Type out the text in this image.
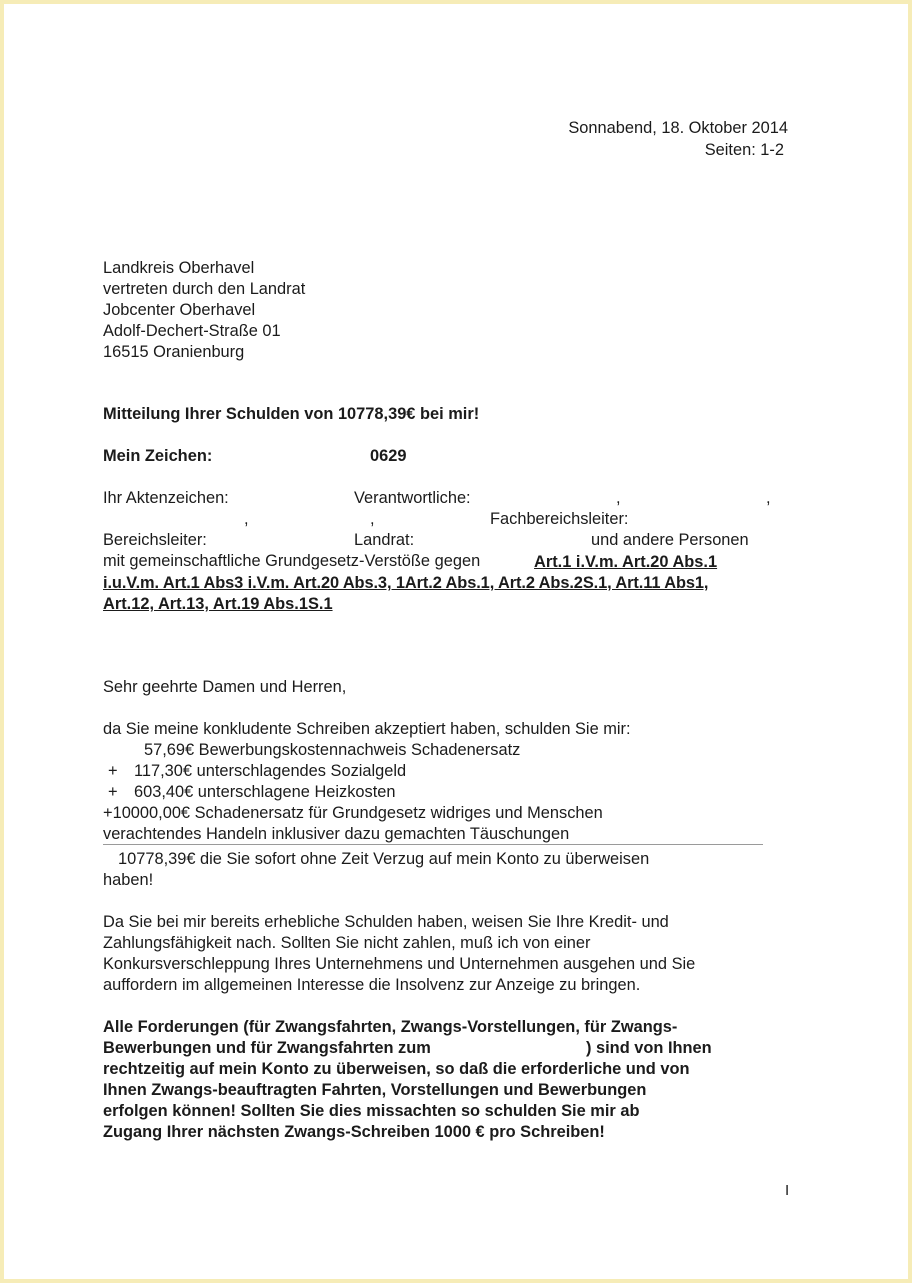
Sonnabend, 18. Oktober 2014
Seiten: 1-2
Landkreis Oberhavel
vertreten durch den Landrat
Jobcenter Oberhavel
Adolf-Dechert-Straße 01
16515 Oranienburg
Mitteilung Ihrer Schulden von 10778,39€ bei mir!
Mein Zeichen:	0629
Ihr Aktenzeichen:	Verantwortliche:	,	,
,	,	Fachbereichsleiter:
Bereichsleiter:	Landrat:	und andere Personen
mit gemeinschaftliche Grundgesetz-Verstöße gegen	Art.1 i.V.m. Art.20 Abs.1
i.u.V.m. Art.1 Abs3 i.V.m. Art.20 Abs.3, 1Art.2 Abs.1, Art.2 Abs.2S.1, Art.11 Abs1,
Art.12, Art.13, Art.19 Abs.1S.1
Sehr geehrte Damen und Herren,
da Sie meine konkludente Schreiben akzeptiert haben, schulden Sie mir:
57,69€ Bewerbungskostennachweis Schadenersatz
+ 117,30€ unterschlagendes Sozialgeld
+ 603,40€ unterschlagene Heizkosten
+10000,00€ Schadenersatz für Grundgesetz widriges und Menschen
verachtendes Handeln inklusiver dazu gemachten Täuschungen
10778,39€ die Sie sofort ohne Zeit Verzug auf mein Konto zu überweisen
haben!
Da Sie bei mir bereits erhebliche Schulden haben, weisen Sie Ihre Kredit- und
Zahlungsfähigkeit nach. Sollten Sie nicht zahlen, muß ich von einer
Konkursverschleppung Ihres Unternehmens und Unternehmen ausgehen und Sie
auffordern im allgemeinen Interesse die Insolvenz zur Anzeige zu bringen.
Alle Forderungen (für Zwangsfahrten, Zwangs-Vorstellungen, für Zwangs-
Bewerbungen und für Zwangsfahrten zum	) sind von Ihnen
rechtzeitig auf mein Konto zu überweisen, so daß die erforderliche und von
Ihnen Zwangs-beauftragten Fahrten, Vorstellungen und Bewerbungen
erfolgen können! Sollten Sie dies missachten so schulden Sie mir ab
Zugang Ihrer nächsten Zwangs-Schreiben 1000 € pro Schreiben!
I
